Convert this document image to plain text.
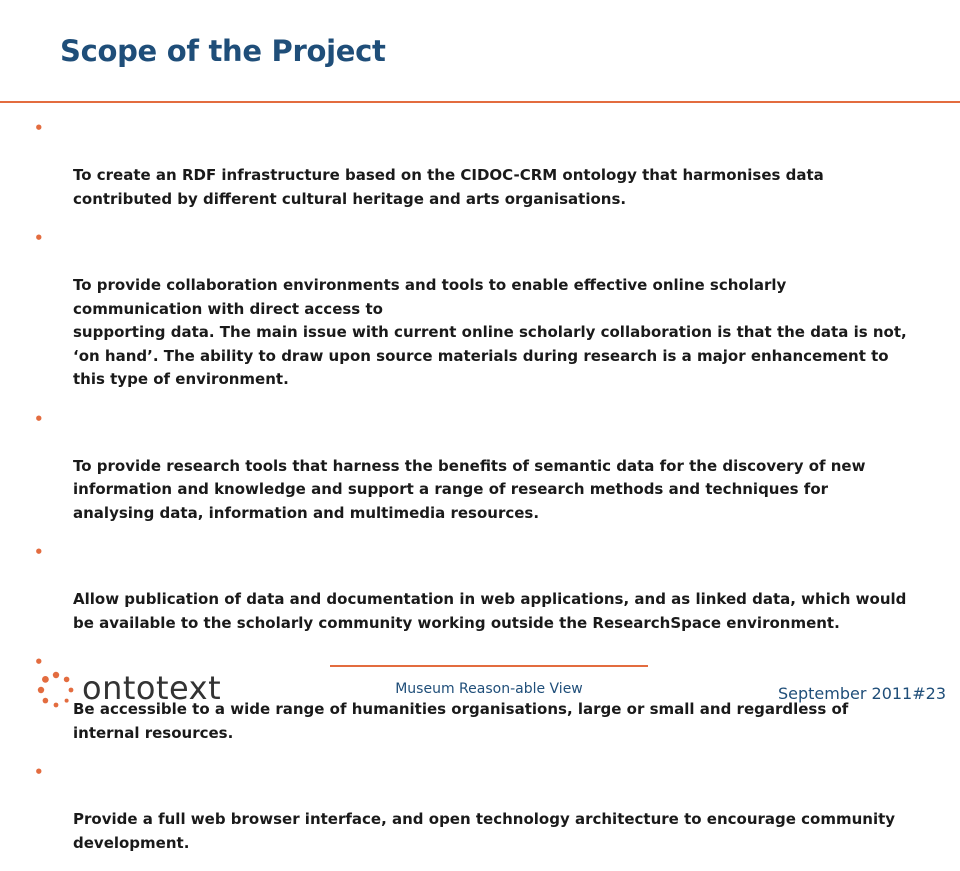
Scope of the Project

•

To create an RDF infrastructure based on the CIDOC-CRM ontology that harmonises data contributed by different cultural heritage and arts organisations.

•

To provide collaboration environments and tools to enable effective online scholarly communication with direct access to
supporting data. The main issue with current online scholarly collaboration is that the data is not, ‘on hand’. The ability to draw upon source materials during research is a major enhancement to this type of environment.

•

To provide research tools that harness the benefits of semantic data for the discovery of new information and knowledge and support a range of research methods and techniques for analysing data, information and multimedia resources.

•

Allow publication of data and documentation in web applications, and as linked data, which would be available to the scholarly community working outside the ResearchSpace environment.

•

Be accessible to a wide range of humanities organisations, large or small and regardless of internal resources.

•

Provide a full web browser interface, and open technology architecture to encourage community development.

ontotext	Museum Reason-able View	September 2011#23
